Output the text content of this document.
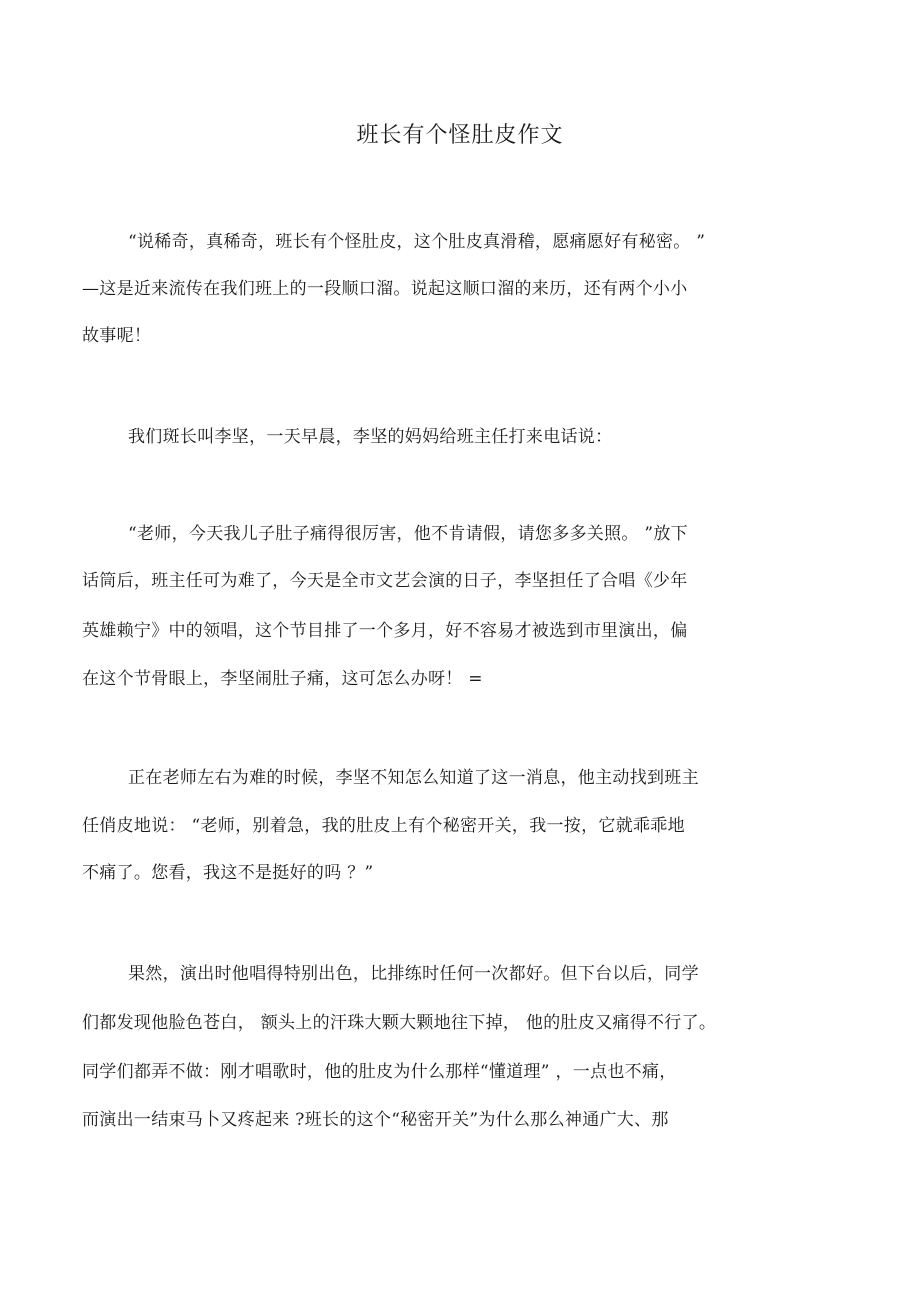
班长有个怪肚皮作文
“说稀奇，真稀奇，班长有个怪肚皮，这个肚皮真滑稽，愿痛愿好有秘密。 ”
—这是近来流传在我们班上的一段顺口溜。说起这顺口溜的来历，还有两个小小
故事呢！
我们斑长叫李坚，一天早晨，李坚的妈妈给班主任打来电话说：
“老师，今天我儿子肚子痛得很厉害，他不肯请假，请您多多关照。 ”放下
话筒后，班主任可为难了，今天是全市文艺会演的日子，李坚担任了合唱《少年
英雄赖宁》中的领唱，这个节目排了一个多月，好不容易才被选到市里演出，偏
在这个节骨眼上，李坚闹肚子痛，这可怎么办呀！ =
正在老师左右为难的时候，李坚不知怎么知道了这一消息，他主动找到班主
任俏皮地说： “老师，别着急，我的肚皮上有个秘密开关，我一按，它就乖乖地
不痛了。您看，我这不是挺好的吗 ？”
果然，演出时他唱得特别出色，比排练时任何一次都好。但下台以后，同学
们都发现他脸色苍白， 额头上的汗珠大颗大颗地往下掉， 他的肚皮又痛得不行了。
同学们都弄不做：刚才唱歌时，他的肚皮为什么那样“懂道理” ，一点也不痛，
而演出一结束马卜又疼起来 ?班长的这个“秘密开关”为什么那么神通广大、那
